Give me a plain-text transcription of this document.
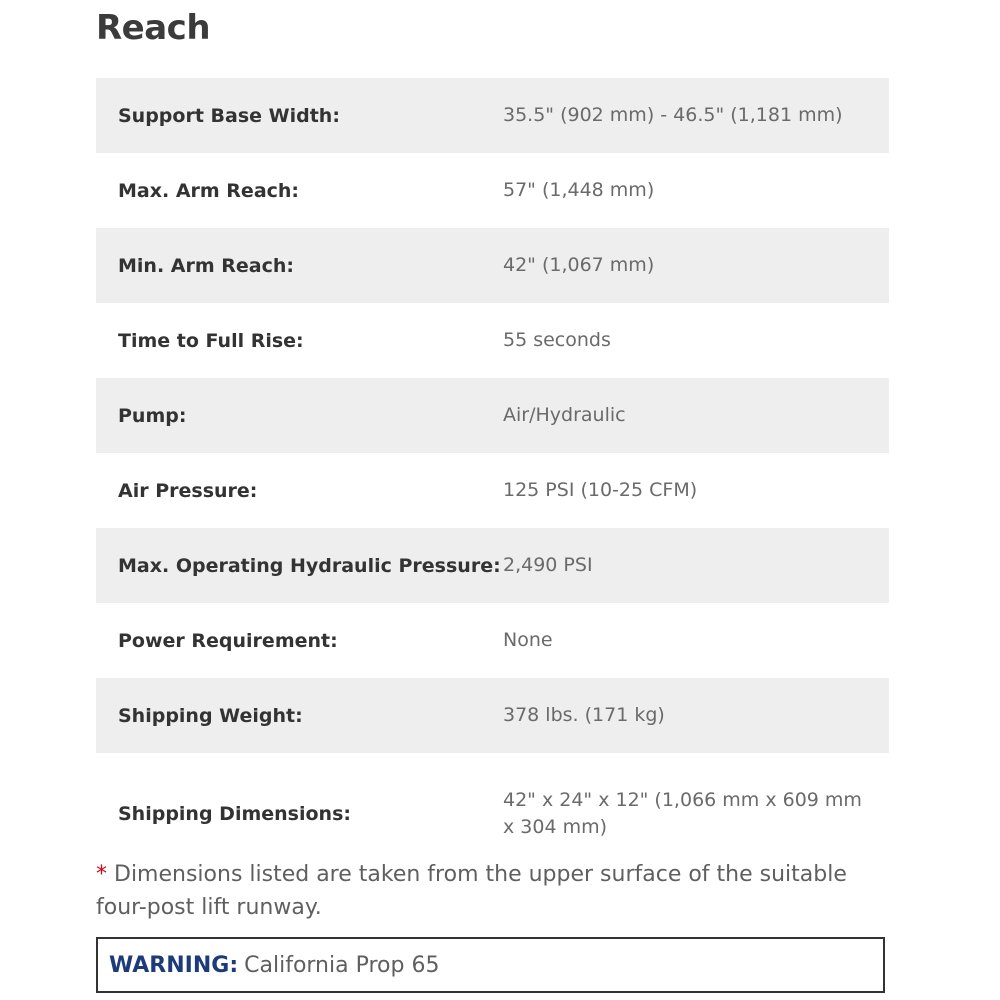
Reach
Support Base Width:	35.5" (902 mm) - 46.5" (1,181 mm)
Max. Arm Reach:	57" (1,448 mm)
Min. Arm Reach:	42" (1,067 mm)
Time to Full Rise:	55 seconds
Pump:	Air/Hydraulic
Air Pressure:	125 PSI (10-25 CFM)
Max. Operating Hydraulic Pressure:	2,490 PSI
Power Requirement:	None
Shipping Weight:	378 lbs. (171 kg)
Shipping Dimensions:	42" x 24" x 12" (1,066 mm x 609 mm x 304 mm)

* Dimensions listed are taken from the upper surface of the suitable four-post lift runway.

WARNING: California Prop 65
